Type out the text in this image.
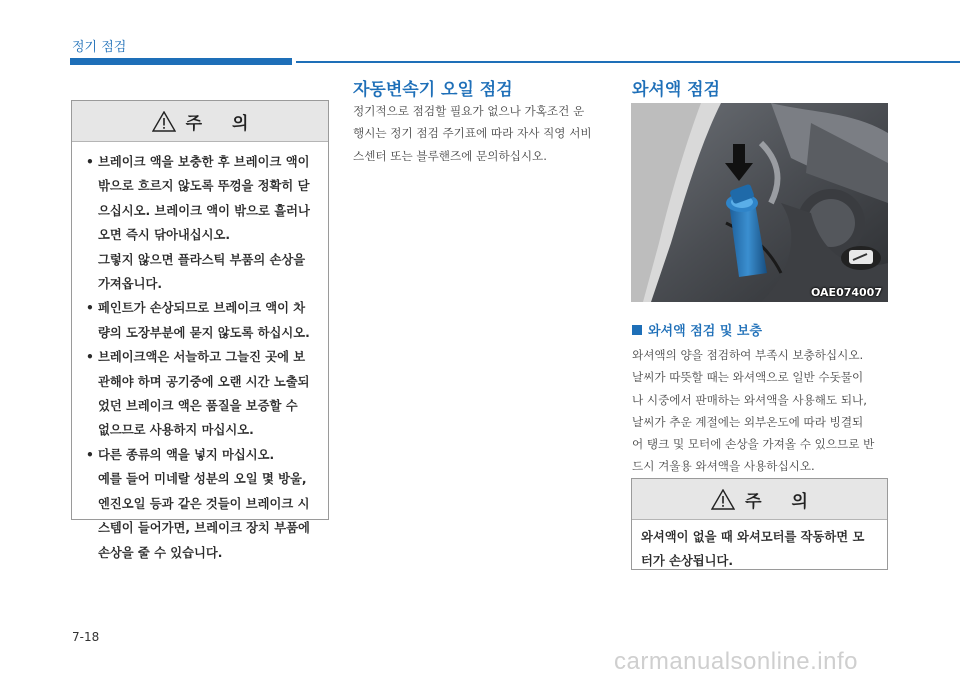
정기 점검
주 의
• 브레이크 액을 보충한 후 브레이크 액이
밖으로 흐르지 않도록 뚜껑을 정확히 닫
으십시오. 브레이크 액이 밖으로 흘러나
오면 즉시 닦아내십시오.
그렇지 않으면 플라스틱 부품의 손상을
가져옵니다.
• 페인트가 손상되므로 브레이크 액이 차
량의 도장부분에 묻지 않도록 하십시오.
• 브레이크액은 서늘하고 그늘진 곳에 보
관해야 하며 공기중에 오랜 시간 노출되
었던 브레이크 액은 품질을 보증할 수
없으므로 사용하지 마십시오.
• 다른 종류의 액을 넣지 마십시오.
예를 들어 미네랄 성분의 오일 몇 방울,
엔진오일 등과 같은 것들이 브레이크 시
스템이 들어가면, 브레이크 장치 부품에
손상을 줄 수 있습니다.
자동변속기 오일 점검
정기적으로 점검할 필요가 없으나 가혹조건 운
행시는 정기 점검 주기표에 따라 자사 직영 서비
스센터 또는 블루핸즈에 문의하십시오.
와셔액 점검
OAE074007
와셔액 점검 및 보충
와셔액의 양을 점검하여 부족시 보충하십시오.
날씨가 따뜻할 때는 와셔액으로 일반 수돗물이
나 시중에서 판매하는 와셔액을 사용해도 되나,
날씨가 추운 계절에는 외부온도에 따라 빙결되
어 탱크 및 모터에 손상을 가져올 수 있으므로 반
드시 겨울용 와셔액을 사용하십시오.
주 의
와셔액이 없을 때 와셔모터를 작동하면 모
터가 손상됩니다.
7-18
carmanualsonline.info
